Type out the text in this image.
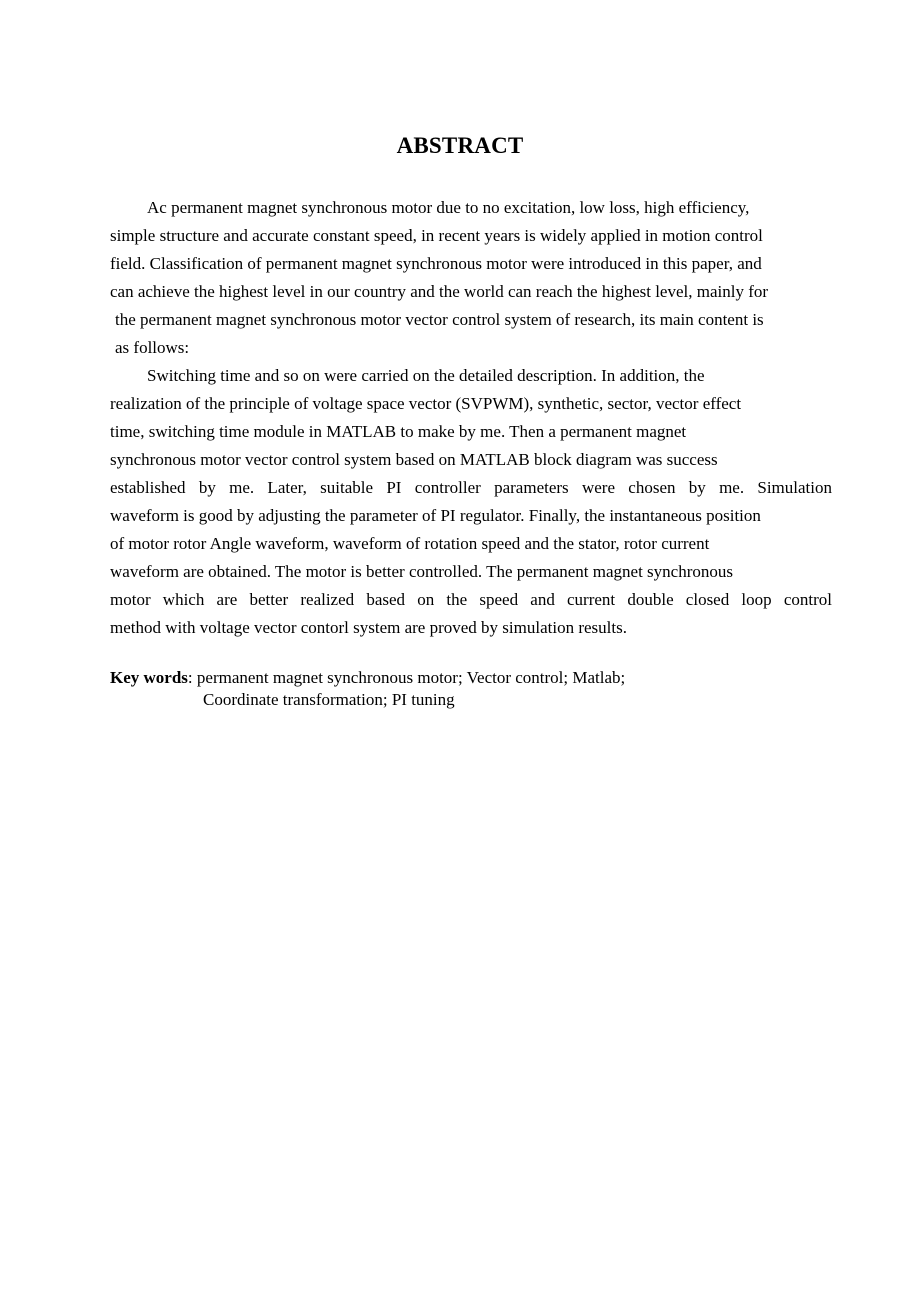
ABSTRACT
Ac permanent magnet synchronous motor due to no excitation, low loss, high efficiency,
simple structure and accurate constant speed, in recent years is widely applied in motion control
field. Classification of permanent magnet synchronous motor were introduced in this paper, and
can achieve the highest level in our country and the world can reach the highest level, mainly for
the permanent magnet synchronous motor vector control system of research, its main content is
as follows:
Switching time and so on were carried on the detailed description. In addition, the
realization of the principle of voltage space vector (SVPWM), synthetic, sector, vector effect
time, switching time module in MATLAB to make by me. Then a permanent magnet
synchronous motor vector control system based on MATLAB block diagram was success
established by me. Later, suitable PI controller parameters were chosen by me. Simulation
waveform is good by adjusting the parameter of PI regulator. Finally, the instantaneous position
of motor rotor Angle waveform, waveform of rotation speed and the stator, rotor current
waveform are obtained. The motor is better controlled. The permanent magnet synchronous
motor which are better realized based on the speed and current double closed loop control
method with voltage vector contorl system are proved by simulation results.
Key words: permanent magnet synchronous motor; Vector control; Matlab;
Coordinate transformation; PI tuning
